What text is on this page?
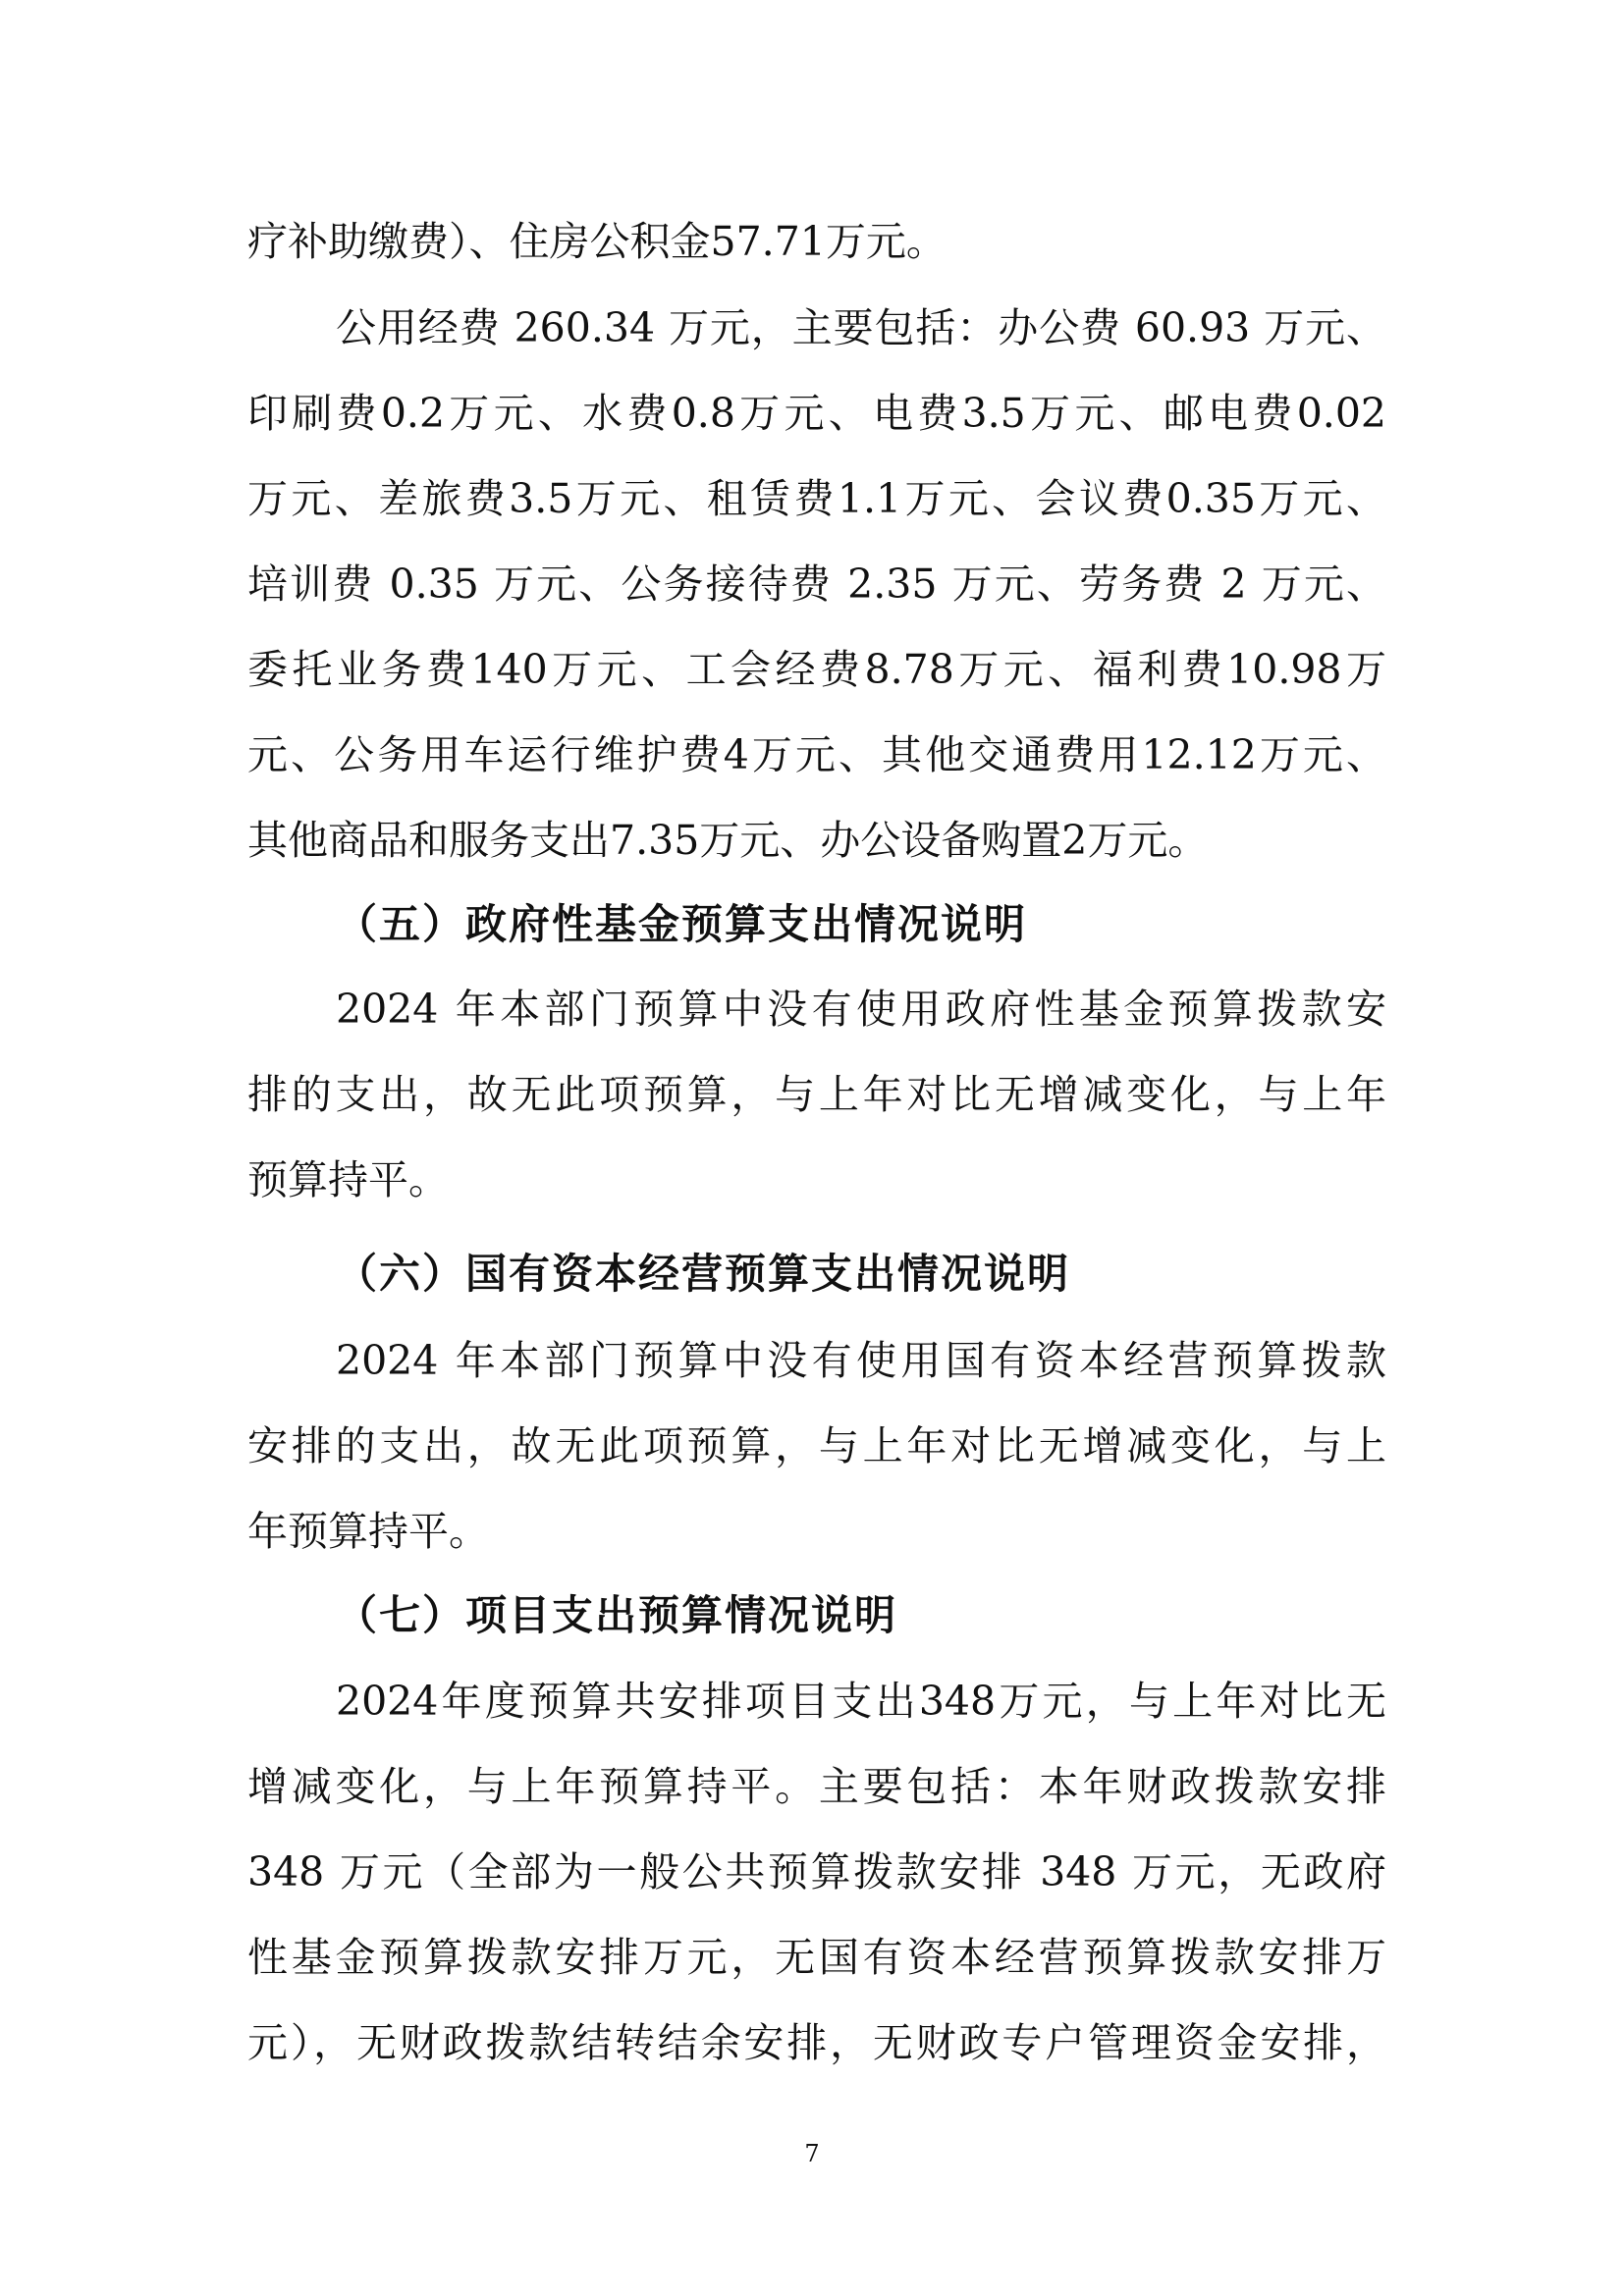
疗补助缴费）、住房公积金57.71万元。
公用经费 260.34 万元，主要包括：办公费 60.93 万元、
印刷费0.2万元、水费0.8万元、电费3.5万元、邮电费0.02
万元、差旅费3.5万元、租赁费1.1万元、会议费0.35万元、
培训费 0.35 万元、公务接待费 2.35 万元、劳务费 2 万元、
委托业务费140万元、工会经费8.78万元、福利费10.98万
元、公务用车运行维护费4万元、其他交通费用12.12万元、
其他商品和服务支出7.35万元、办公设备购置2万元。
（五）政府性基金预算支出情况说明
2024 年本部门预算中没有使用政府性基金预算拨款安
排的支出，故无此项预算，与上年对比无增减变化，与上年
预算持平。
（六）国有资本经营预算支出情况说明
2024 年本部门预算中没有使用国有资本经营预算拨款
安排的支出，故无此项预算，与上年对比无增减变化，与上
年预算持平。
（七）项目支出预算情况说明
2024年度预算共安排项目支出348万元，与上年对比无
增减变化，与上年预算持平。主要包括：本年财政拨款安排
348 万元（全部为一般公共预算拨款安排 348 万元，无政府
性基金预算拨款安排万元，无国有资本经营预算拨款安排万
元），无财政拨款结转结余安排，无财政专户管理资金安排，
7
